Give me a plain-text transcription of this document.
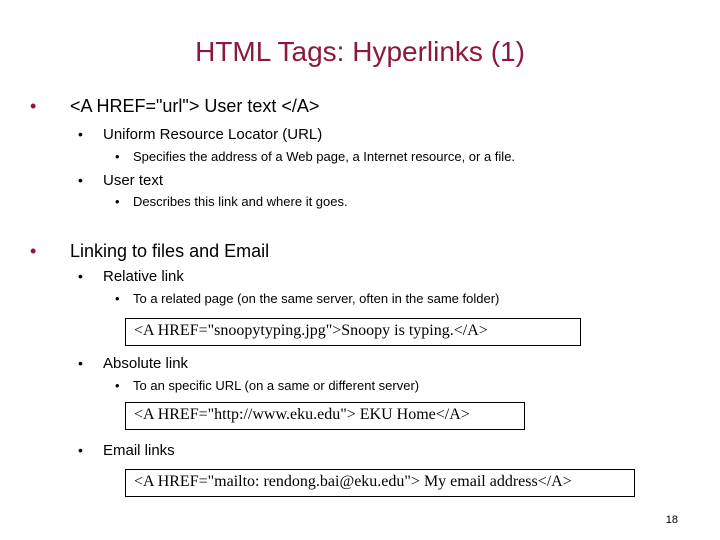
HTML Tags: Hyperlinks (1)
• <A HREF="url"> User text </A>
• Uniform Resource Locator (URL)
• Specifies the address of a Web page, a Internet resource, or a file.
• User text
• Describes this link and where it goes.
• Linking to files and Email
• Relative link
• To a related page (on the same server, often in the same folder)
<A HREF="snoopytyping.jpg">Snoopy is typing.</A>
• Absolute link
• To an specific URL (on a same or different server)
<A HREF="http://www.eku.edu"> EKU Home</A>
• Email links
<A HREF="mailto: rendong.bai@eku.edu"> My email address</A>
18
